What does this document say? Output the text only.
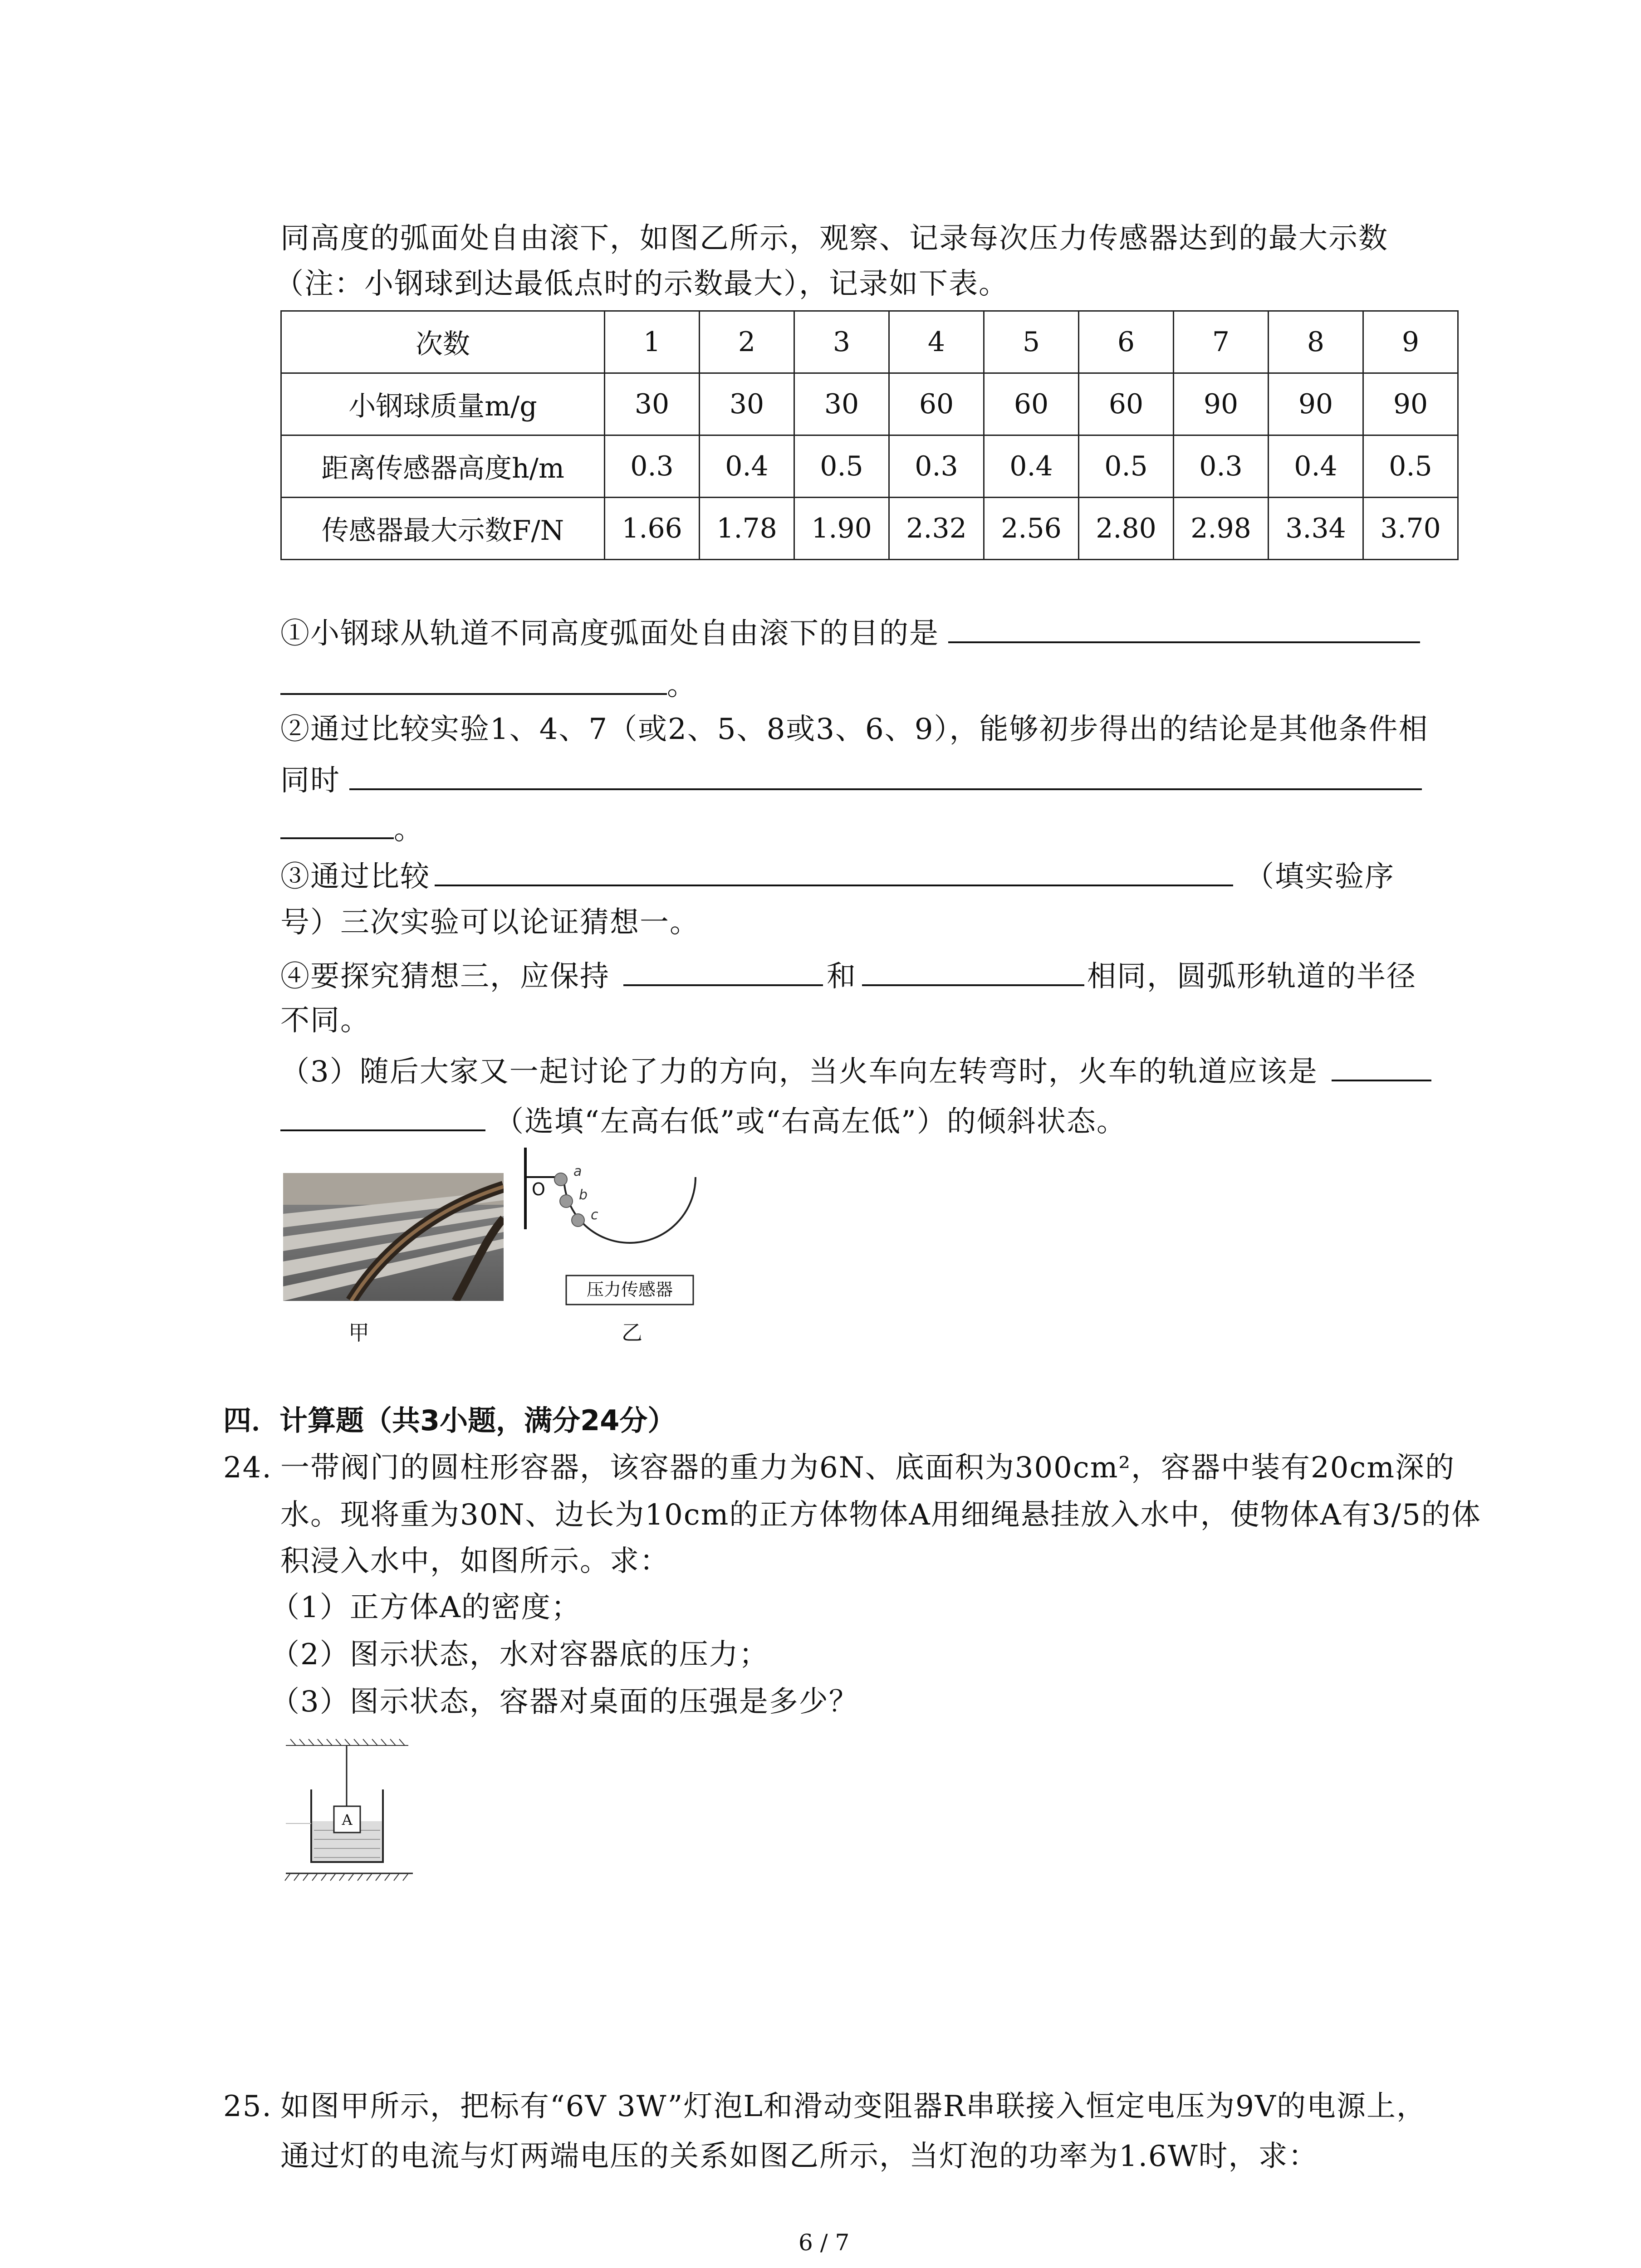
同高度的弧面处自由滚下，如图乙所示，观察、记录每次压力传感器达到的最大示数
（注：小钢球到达最低点时的示数最大），记录如下表。
次数	1	2	3	4	5	6	7	8	9
小钢球质量m/g	30	30	30	60	60	60	90	90	90
距离传感器高度h/m	0.3	0.4	0.5	0.3	0.4	0.5	0.3	0.4	0.5
传感器最大示数F/N	1.66	1.78	1.90	2.32	2.56	2.80	2.98	3.34	3.70
①小钢球从轨道不同高度弧面处自由滚下的目的是
。
②通过比较实验1、4、7（或2、5、8或3、6、9），能够初步得出的结论是其他条件相
同时
。
③通过比较	（填实验序
号）三次实验可以论证猜想一。
④要探究猜想三，应保持	和	相同，圆弧形轨道的半径
不同。
（3）随后大家又一起讨论了力的方向，当火车向左转弯时，火车的轨道应该是
（选填“左高右低”或“右高左低”）的倾斜状态。
甲
O
a
b
c
压力传感器
乙
四．计算题（共3小题，满分24分）
24. 一带阀门的圆柱形容器，该容器的重力为6N、底面积为300cm²，容器中装有20cm深的
水。现将重为30N、边长为10cm的正方体物体A用细绳悬挂放入水中，使物体A有3/5的体
积浸入水中，如图所示。求：
（1）正方体A的密度；
（2）图示状态，水对容器底的压力；
（3）图示状态，容器对桌面的压强是多少？
A
25. 如图甲所示，把标有“6V 3W”灯泡L和滑动变阻器R串联接入恒定电压为9V的电源上，
通过灯的电流与灯两端电压的关系如图乙所示，当灯泡的功率为1.6W时，求：
6 / 7
